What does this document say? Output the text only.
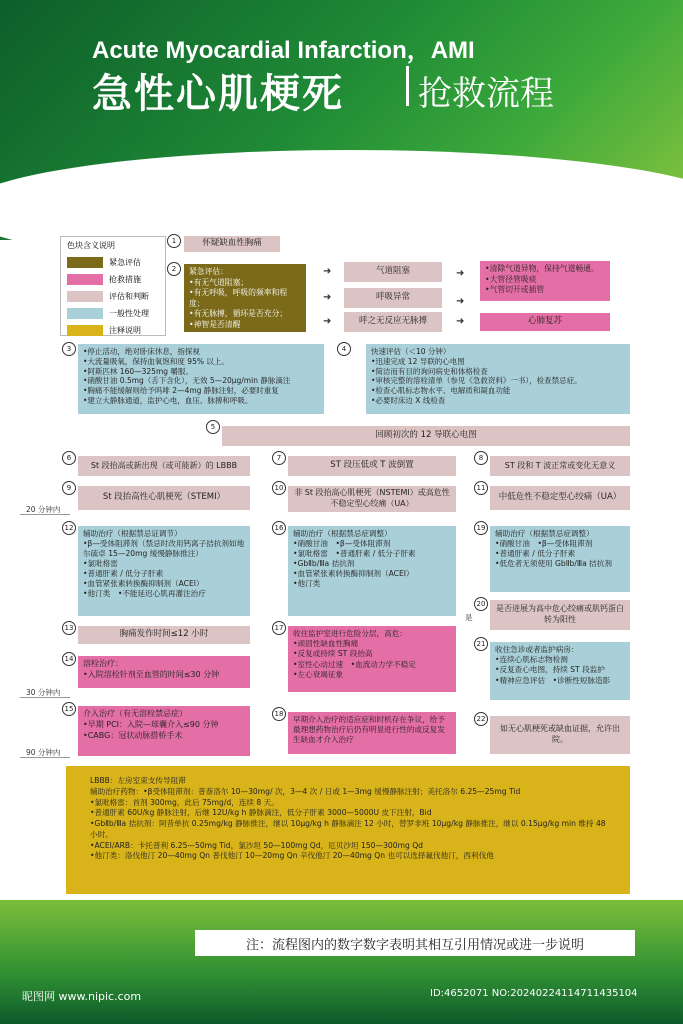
Acute Myocardial Infarction，AMI
急性心肌梗死 抢救流程
色块含义说明
紧急评估
抢救措施
评估和判断
一般性处理
注释说明
1	怀疑缺血性胸痛
2	紧急评估：
•有无气道阻塞；
•有无呼吸，呼吸的频率和程度；
•有无脉搏，循环是否充分；
•神智是否清醒
➜
➜
➜
气道阻塞
呼吸异常
呼之无反应无脉搏
➜
➜
➜
•清除气道异物，保持气道畅通。
•大管径管吸痰
•气管切开或插管
心肺复苏
3	•停止活动，绝对卧床休息，指探视
•大流量吸氧，保持血氧饱和度 95% 以上。
•阿斯匹林 160—325mg 嚼服。
•硝酸甘油 0.5mg（舌下含化），无效 5—20μg/min 静脉滴注
•胸痛不能缓解则给予吗啡 2—4mg 静脉注射，必要时重复
•建立大静脉通道，监护心电，血压、脉搏和呼吸。
4	快速评估（＜10 分钟）
•迅速完成 12 导联的心电图
•简洁而有目的询问病史和体格检查
•审核完整的溶栓清单（参见《急救资料》一书），检查禁忌症。
•检查心肌标志物水平、电解质和凝血功能
•必要时床边 X 线检查
5
回顾初次的 12 导联心电图
6
St 段抬高或新出现（或可能新）的 LBBB
7
ST 段压低或 T 波倒置
8
ST 段和 T 波正常或变化无意义
9
St 段抬高性心肌梗死（STEMI）
10
非 St 段抬高心肌梗死（NSTEMI）或高危性不稳定型心绞痛（UA）
11
中低危性不稳定型心绞痛（UA）
20 分钟内
12
辅助治疗（根据禁忌证调节）
•β—受体阻滞剂（禁忌时改用钙离子拮抗剂如地尔硫卓 15—20mg 缓慢静脉推注）
•氯吡格雷
•普通肝素 / 低分子肝素
•血管紧张素转换酶抑制剂（ACEI）
•他汀类　•不能延迟心肌再灌注治疗
16
辅助治疗（根据禁忌症调整）
•硝酸甘油　•β—受体阻滞剂
•氯吡格雷　•普通肝素 / 低分子肝素
•GbⅡb/Ⅲa 拮抗剂
•血管紧张素转换酶抑制剂（ACEI）
•他汀类
19
辅助治疗（根据禁忌症调整）
•硝酸甘油　•β—受体阻滞剂
•普通肝素 / 低分子肝素
•低危者无须使用 GbⅡb/Ⅲa 拮抗剂
13
胸痛发作时间≤12 小时
17
收住监护室进行危险分层，高危：
•顽固性缺血性胸痛
•反复或持续 ST 段抬高
•室性心动过速　•血流动力学不稳定
•左心衰竭征象
20
是否进展为高中危心绞痛或肌钙蛋白转为阳性
是
14	溶栓治疗：
•入院溶栓针剂至血管的时间≤30 分钟
21
收住急诊或者监护病房：
•连续心肌标志物检测
•反复查心电图，持续 ST 段监护
•精神应急评估　•诊断性短脉造影
30 分钟内
15	介入治疗（有无溶栓禁忌症）
•早期 PCI：入院—球囊介入≤90 分钟
•CABG：冠状动脉搭桥手术
18
早期介入治疗的适应症和时机存在争议，给予最理想药物治疗后仍有明显进行性的或反复发生缺血才介入治疗
22
如无心肌梗死或缺血证据，允许出院。
90 分钟内
LBBB：左房室束支传导阻滞
辅助治疗药物：•β受体阻滞剂：普萘洛尔 10—30mg/ 次，3—4 次 / 日或 1—3mg 缓慢静脉注射；美托洛尔 6.25—25mg Tid
•氯吡格雷：首剂 300mg，此后 75mg/d，连续 8 天。
•普通肝素 60U/kg 静脉注射，后继 12U/kg h 静脉滴注，低分子肝素 3000—5000U 皮下注射，Bid
•GbⅡb/Ⅲa 拮抗剂：阿昔单抗 0.25mg/kg 静脉推注，继以 10μg/kg h 静脉滴注 12 小时，替罗非班 10μg/kg 静脉推注，继以 0.15μg/kg min 维持 48 小时。
•ACEI/ARB：卡托普利 6.25—50mg Tid，氯沙坦 50—100mg Qd，厄贝沙坦 150—300mg Qd
•他汀类：洛伐他汀 20—40mg Qn 普伐他汀 10—20mg Qn 辛伐他汀 20—40mg Qn 也可以选择氟伐他汀，西利伐他
注：流程图内的数字数字表明其相互引用情况或进一步说明
昵图网 www.nipic.com	ID:4652071 NO:20240224114711435104
